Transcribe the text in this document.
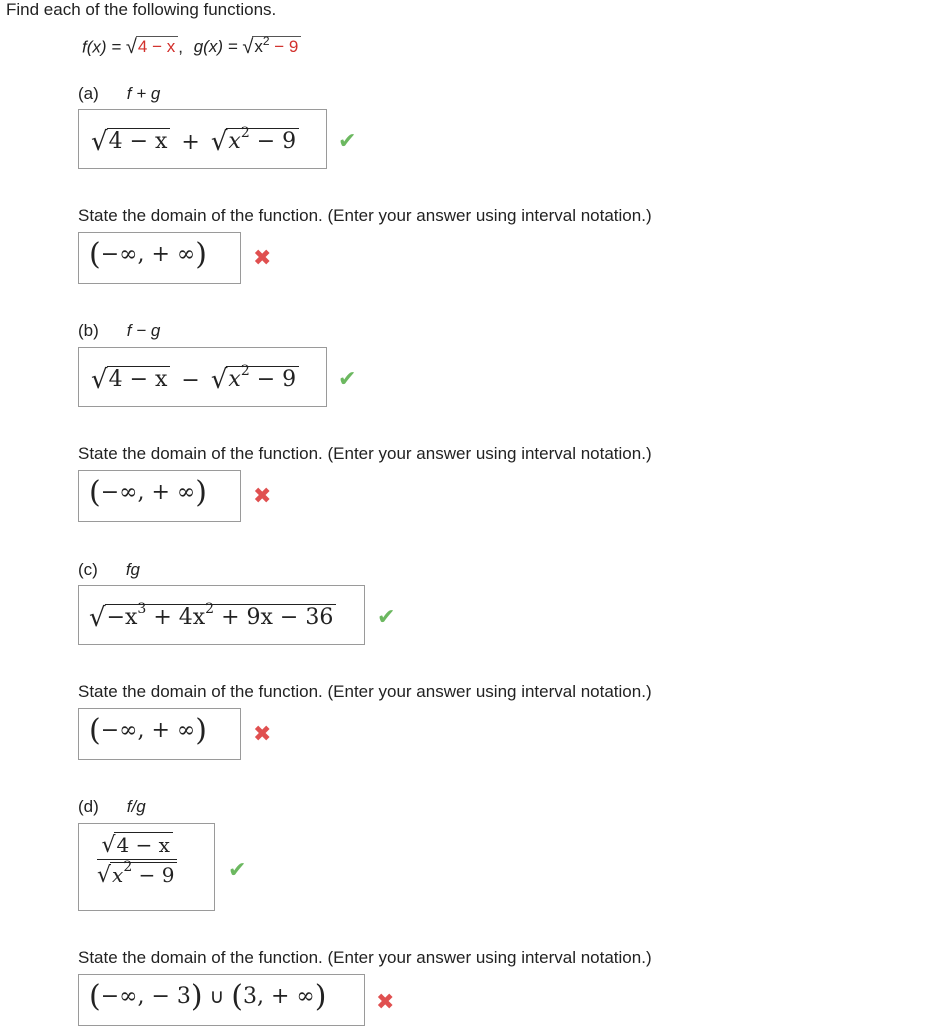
Find each of the following functions.
f(x) = √ 4 − x , g(x) = √ $x^2 - 9$
(a) f + g
√ 4 − x + √ $x^2 - 9$ ✔
State the domain of the function. (Enter your answer using interval notation.)
(−∞, + ∞)	✖
(b) f − g
√ 4 − x − √ $x^2 - 9$ ✔
State the domain of the function. (Enter your answer using interval notation.)
(−∞, + ∞)	✖
(c) fg
√ $-x^3 + 4x^2 + 9x - 36$ ✔
State the domain of the function. (Enter your answer using interval notation.)
(−∞, + ∞)	✖
(d) f/g
$\frac{√ 4 - x}{√ x^2 - 9}$ ✔
State the domain of the function. (Enter your answer using interval notation.)
(−∞, − 3) ∪ (3, + ∞)	✖
